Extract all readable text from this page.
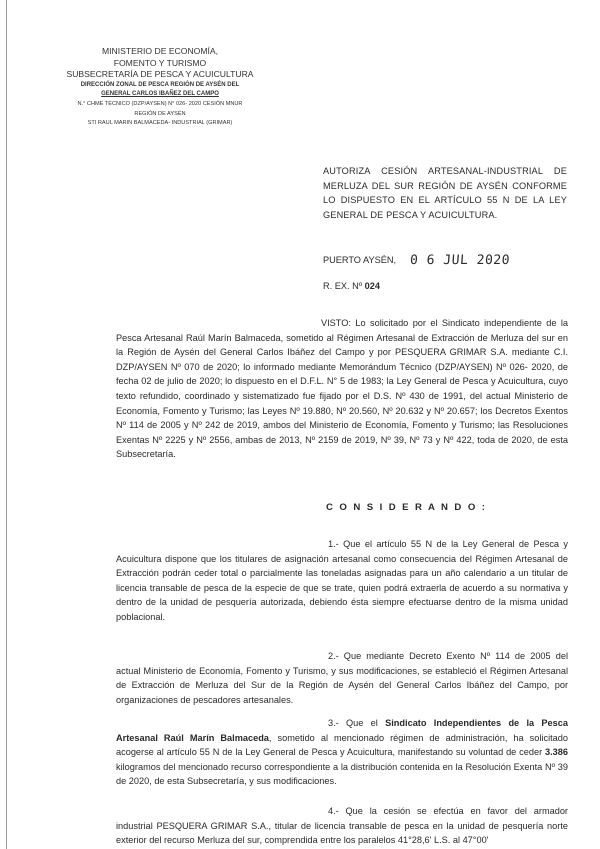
MINISTERIO DE ECONOMÍA,
FOMENTO Y TURISMO
SUBSECRETARÍA DE PESCA Y ACUICULTURA
DIRECCIÓN ZONAL DE PESCA REGIÓN DE AYSÉN DEL
GENERAL CARLOS IBAÑEZ DEL CAMPO
N.° CHME TÉCNICO (DZP/AYSEN) N° 026- 2020 CESIÓN MNUR
REGIÓN DE AYSÉN
STI RAUL MARIN BALMACEDA- INDUSTRIAL (GRIMAR)
AUTORIZA CESIÓN ARTESANAL-INDUSTRIAL DE MERLUZA DEL SUR REGIÓN DE AYSÉN CONFORME LO DISPUESTO EN EL ARTÍCULO 55 N DE LA LEY GENERAL DE PESCA Y ACUICULTURA.
PUERTO AYSÉN, 0 6 JUL 2020
R. EX. Nº 024

VISTO: Lo solicitado por el Sindicato independiente de la Pesca Artesanal Raúl Marín Balmaceda, sometido al Régimen Artesanal de Extracción de Merluza del sur en la Región de Aysén del General Carlos Ibáñez del Campo y por PESQUERA GRIMAR S.A. mediante C.I. DZP/AYSEN Nº 070 de 2020; lo informado mediante Memorándum Técnico (DZP/AYSEN) Nº 026- 2020, de fecha 02 de julio de 2020; lo dispuesto en el D.F.L. N° 5 de 1983; la Ley General de Pesca y Acuicultura, cuyo texto refundido, coordinado y sistematizado fue fijado por el D.S. Nº 430 de 1991, del actual Ministerio de Economía, Fomento y Turismo; las Leyes Nº 19.880, Nº 20.560, Nº 20.632 y Nº 20.657; los Decretos Exentos Nº 114 de 2005 y Nº 242 de 2019, ambos del Ministerio de Economía, Fomento y Turismo; las Resoluciones Exentas Nº 2225 y Nº 2556, ambas de 2013, Nº 2159 de 2019, Nº 39, Nº 73 y Nº 422, toda de 2020, de esta Subsecretaría.

C O N S I D E R A N D O :

1.- Que el artículo 55 N de la Ley General de Pesca y Acuicultura dispone que los titulares de asignación artesanal como consecuencia del Régimen Artesanal de Extracción podrán ceder total o parcialmente las toneladas asignadas para un año calendario a un titular de licencia transable de pesca de la especie de que se trate, quien podrá extraerla de acuerdo a su normativa y dentro de la unidad de pesquería autorizada, debiendo ésta siempre efectuarse dentro de la misma unidad poblacional.

2.- Que mediante Decreto Exento Nº 114 de 2005 del actual Ministerio de Economía, Fomento y Turismo, y sus modificaciones, se estableció el Régimen Artesanal de Extracción de Merluza del Sur de la Región de Aysén del General Carlos Ibáñez del Campo, por organizaciones de pescadores artesanales.

3.- Que el Sindicato Independientes de la Pesca Artesanal Raúl Marín Balmaceda, sometido al mencionado régimen de administración, ha solicitado acogerse al artículo 55 N de la Ley General de Pesca y Acuicultura, manifestando su voluntad de ceder 3.386 kilogramos del mencionado recurso correspondiente a la distribución contenida en la Resolución Exenta Nº 39 de 2020, de esta Subsecretaría, y sus modificaciones.

4.- Que la cesión se efectúa en favor del armador industrial PESQUERA GRIMAR S.A., titular de licencia transable de pesca en la unidad de pesquería norte exterior del recurso Merluza del sur, comprendida entre los paralelos 41°28,6' L.S. al 47°00'
